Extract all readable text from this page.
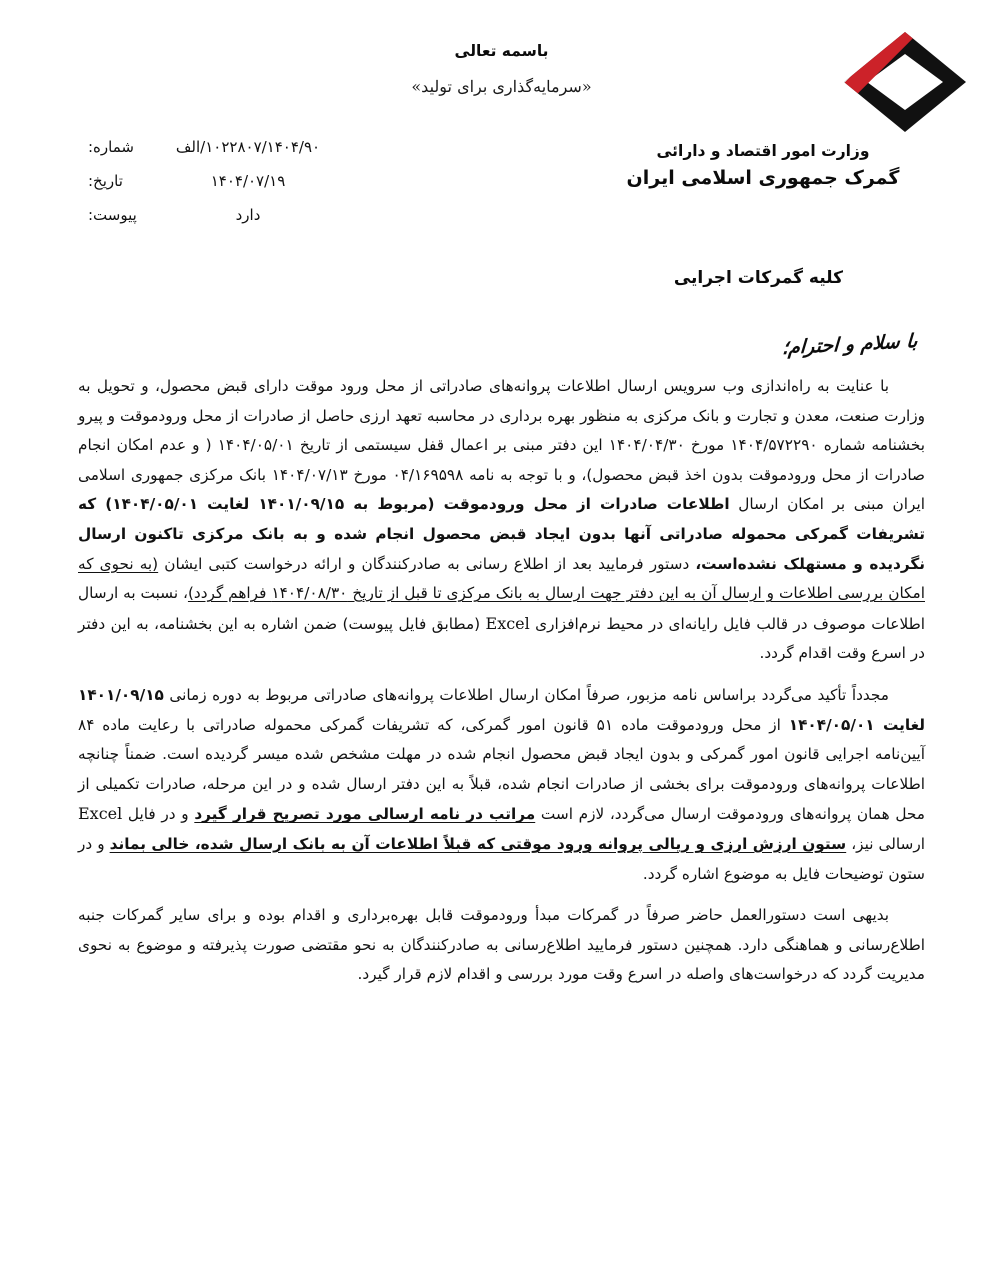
وزارت امور اقتصاد و دارائی
گمرک جمهوری اسلامی ایران
باسمه تعالی
«سرمایه‌گذاری برای تولید»
شماره:	۱۰۲۲۸۰۷/۱۴۰۴/۹۰/الف
تاریخ:	۱۴۰۴/۰۷/۱۹
پیوست:	دارد
کلیه گمرکات اجرایی
با سلام و احترام؛

با عنایت به راه‌اندازی وب سرویس ارسال اطلاعات پروانه‌های صادراتی از محل ورود موقت دارای قبض محصول، و تحویل به وزارت صنعت، معدن و تجارت و بانک مرکزی به منظور بهره برداری در محاسبه تعهد ارزی حاصل از صادرات از محل ورودموقت و پیرو بخشنامه شماره ۱۴۰۴/۵۷۲۲۹۰ مورخ ۱۴۰۴/۰۴/۳۰ این دفتر مبنی بر اعمال قفل سیستمی از تاریخ ۱۴۰۴/۰۵/۰۱ ( و عدم امکان انجام صادرات از محل ورودموقت بدون اخذ قبض محصول)، و با توجه به نامه ۰۴/۱۶۹۵۹۸ مورخ ۱۴۰۴/۰۷/۱۳ بانک مرکزی جمهوری اسلامی ایران مبنی بر امکان ارسال اطلاعات صادرات از محل ورودموقت (مربوط به ۱۴۰۱/۰۹/۱۵ لغایت ۱۴۰۴/۰۵/۰۱) که تشریفات گمرکی محموله صادراتی آنها بدون ایجاد قبض محصول انجام شده و به بانک مرکزی تاکنون ارسال نگردیده و مستهلک نشده‌است، دستور فرمایید بعد از اطلاع رسانی به صادرکنندگان و ارائه درخواست کتبی ایشان (به نحوی که امکان بررسی اطلاعات و ارسال آن به این دفتر جهت ارسال به بانک مرکزی تا قبل از تاریخ ۱۴۰۴/۰۸/۳۰ فراهم گردد)، نسبت به ارسال اطلاعات موصوف در قالب فایل رایانه‌ای در محیط نرم‌افزاری Excel (مطابق فایل پیوست) ضمن اشاره به این بخشنامه، به این دفتر در اسرع وقت اقدام گردد.

مجدداً تأکید می‌گردد براساس نامه مزبور، صرفاً امکان ارسال اطلاعات پروانه‌های صادراتی مربوط به دوره زمانی ۱۴۰۱/۰۹/۱۵ لغایت ۱۴۰۴/۰۵/۰۱ از محل ورودموقت ماده ۵۱ قانون امور گمرکی، که تشریفات گمرکی محموله صادراتی با رعایت ماده ۸۴ آیین‌نامه اجرایی قانون امور گمرکی و بدون ایجاد قبض محصول انجام شده در مهلت مشخص شده میسر گردیده است. ضمناً چنانچه اطلاعات پروانه‌های ورودموقت برای بخشی از صادرات انجام شده، قبلاً به این دفتر ارسال شده و در این مرحله، صادرات تکمیلی از محل همان پروانه‌های ورودموقت ارسال می‌گردد، لازم است مراتب در نامه ارسالی مورد تصریح قرار گیرد و در فایل Excel ارسالی نیز، ستون ارزش ارزی و ریالی پروانه ورود موقتی که قبلاً اطلاعات آن به بانک ارسال شده، خالی بماند و در ستون توضیحات فایل به موضوع اشاره گردد.

بدیهی است دستورالعمل حاضر صرفاً در گمرکات مبدأ ورودموقت قابل بهره‌برداری و اقدام بوده و برای سایر گمرکات جنبه اطلاع‌رسانی و هماهنگی دارد. همچنین دستور فرمایید اطلاع‌رسانی به صادرکنندگان به نحو مقتضی صورت پذیرفته و موضوع به نحوی مدیریت گردد که درخواست‌های واصله در اسرع وقت مورد بررسی و اقدام لازم قرار گیرد.
